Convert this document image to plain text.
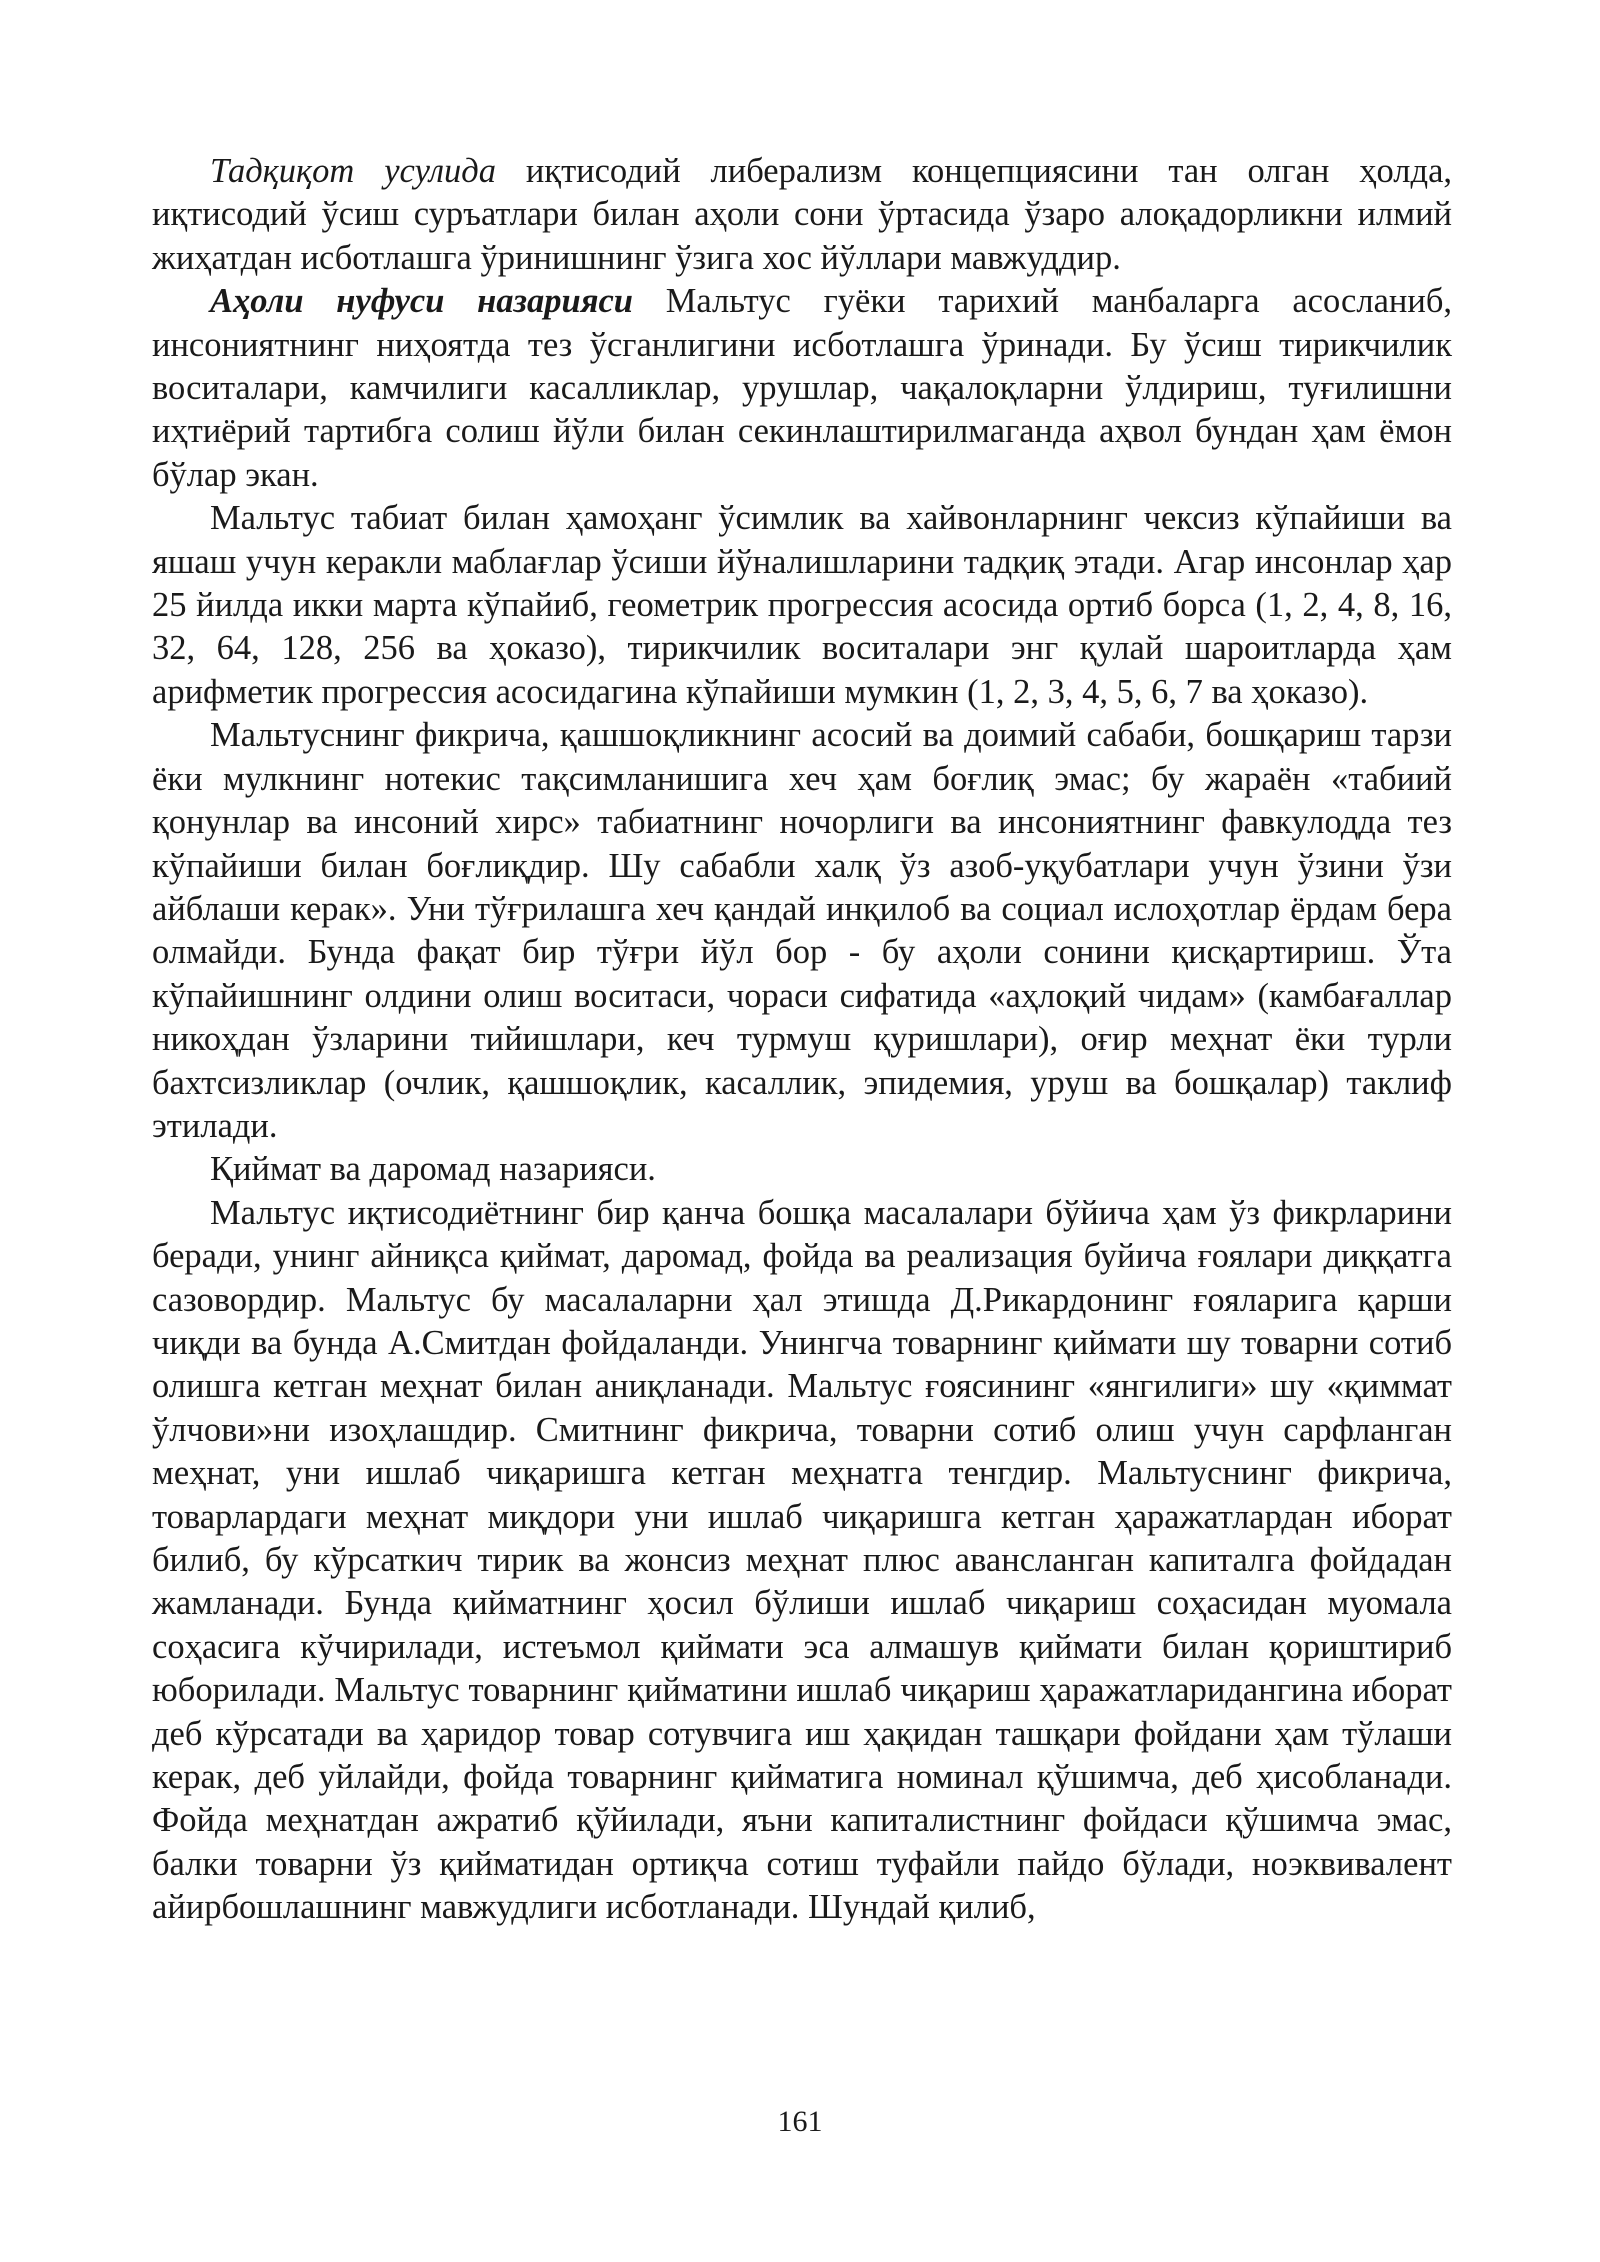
Тадқиқот усулида иқтисодий либерализм концепциясини тан олган ҳолда, иқтисодий ўсиш суръатлари билан аҳоли сони ўртасида ўзаро алоқадорликни илмий жиҳатдан исботлашга ўринишнинг ўзига хос йўллари мавжуддир.

Аҳоли нуфуси назарияси Мальтус гуёки тарихий манбаларга асосланиб, инсониятнинг ниҳоятда тез ўсганлигини исботлашга ўринади. Бу ўсиш тирикчилик воситалари, камчилиги касалликлар, урушлар, чақалоқларни ўлдириш, туғилишни иҳтиёрий тартибга солиш йўли билан секинлаштирилмаганда аҳвол бундан ҳам ёмон бўлар экан.

Мальтус табиат билан ҳамоҳанг ўсимлик ва хайвонларнинг чексиз кўпайиши ва яшаш учун керакли маблағлар ўсиши йўналишларини тадқиқ этади. Агар инсонлар ҳар 25 йилда икки марта кўпайиб, геометрик прогрессия асосида ортиб борса (1, 2, 4, 8, 16, 32, 64, 128, 256 ва ҳоказо), тирикчилик воситалари энг қулай шароитларда ҳам арифметик прогрессия асосидагина кўпайиши мумкин (1, 2, 3, 4, 5, 6, 7 ва ҳоказо).

Мальтуснинг фикрича, қашшоқликнинг асосий ва доимий сабаби, бошқариш тарзи ёки мулкнинг нотекис тақсимланишига хеч ҳам боғлиқ эмас; бу жараён «табиий қонунлар ва инсоний хирс» табиатнинг ночорлиги ва инсониятнинг фавкулодда тез кўпайиши билан боғлиқдир. Шу сабабли халқ ўз азоб-уқубатлари учун ўзини ўзи айблаши керак». Уни тўғрилашга хеч қандай инқилоб ва социал ислоҳотлар ёрдам бера олмайди. Бунда фақат бир тўғри йўл бор - бу аҳоли сонини қисқартириш. Ўта кўпайишнинг олдини олиш воситаси, чораси сифатида «аҳлоқий чидам» (камбағаллар никоҳдан ўзларини тийишлари, кеч турмуш қуришлари), оғир меҳнат ёки турли бахтсизликлар (очлик, қашшоқлик, касаллик, эпидемия, уруш ва бошқалар) таклиф этилади.

Қиймат ва даромад назарияси.

Мальтус иқтисодиётнинг бир қанча бошқа масалалари бўйича ҳам ўз фикрларини беради, унинг айниқса қиймат, даромад, фойда ва реализация буйича ғоялари диққатга сазовордир. Мальтус бу масалаларни ҳал этишда Д.Рикардонинг ғояларига қарши чиқди ва бунда А.Смитдан фойдаланди. Унингча товарнинг қиймати шу товарни сотиб олишга кетган меҳнат билан аниқланади. Мальтус ғоясининг «янгилиги» шу «қиммат ўлчови»ни изоҳлашдир. Смитнинг фикрича, товарни сотиб олиш учун сарфланган меҳнат, уни ишлаб чиқаришга кетган меҳнатга тенгдир. Мальтуснинг фикрича, товарлардаги меҳнат миқдори уни ишлаб чиқаришга кетган ҳаражатлардан иборат билиб, бу кўрсаткич тирик ва жонсиз меҳнат плюс авансланган капиталга фойдадан жамланади. Бунда қийматнинг ҳосил бўлиши ишлаб чиқариш соҳасидан муомала соҳасига кўчирилади, истеъмол қиймати эса алмашув қиймати билан қориштириб юборилади. Мальтус товарнинг қийматини ишлаб чиқариш ҳаражатларидангина иборат деб кўрсатади ва ҳаридор товар сотувчига иш ҳақидан ташқари фойдани ҳам тўлаши керак, деб уйлайди, фойда товарнинг қийматига номинал қўшимча, деб ҳисобланади. Фойда меҳнатдан ажратиб қўйилади, яъни капиталистнинг фойдаси қўшимча эмас, балки товарни ўз қийматидан ортиқча сотиш туфайли пайдо бўлади, ноэквивалент айирбошлашнинг мавжудлиги исботланади. Шундай қилиб,

161
